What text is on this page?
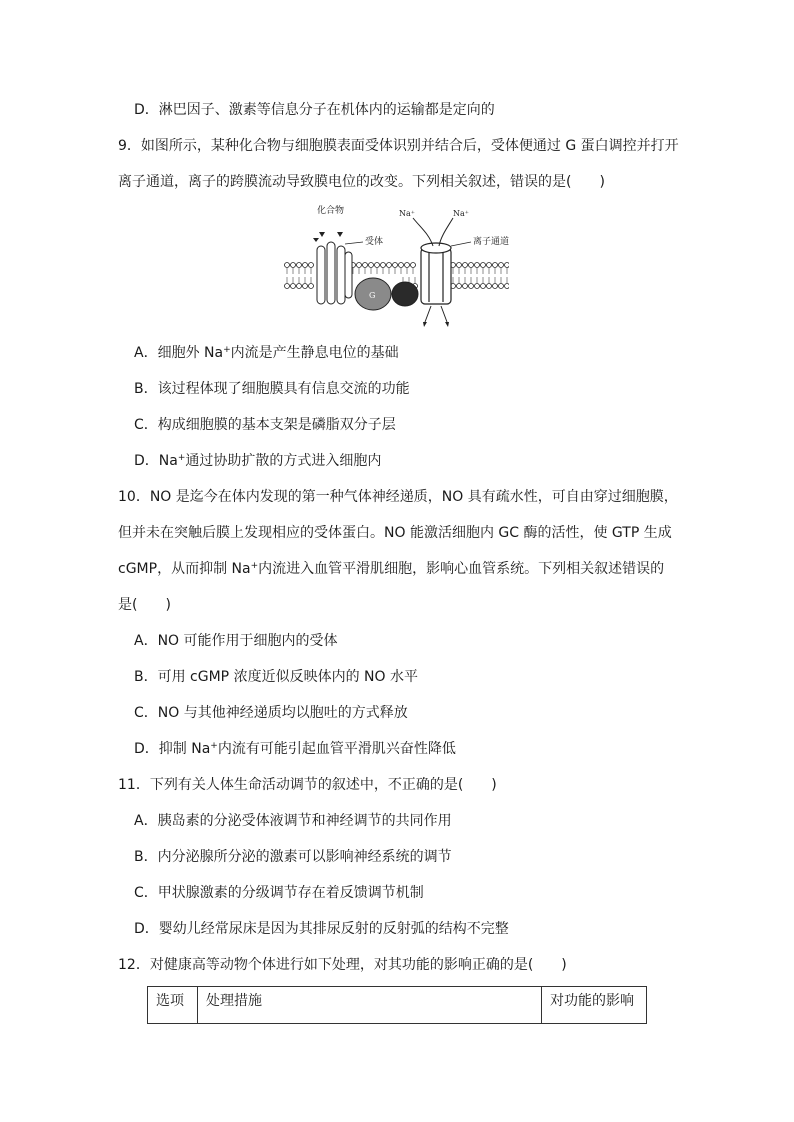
D．淋巴因子、激素等信息分子在机体内的运输都是定向的
9．如图所示，某种化合物与细胞膜表面受体识别并结合后，受体便通过 G 蛋白调控并打开
离子通道，离子的跨膜流动导致膜电位的改变。下列相关叙述，错误的是(　　)
化合物
受体
Na⁺	Na⁺
离子通道
G
A．细胞外 Na+内流是产生静息电位的基础
B．该过程体现了细胞膜具有信息交流的功能
C．构成细胞膜的基本支架是磷脂双分子层
D．Na+通过协助扩散的方式进入细胞内
10．NO 是迄今在体内发现的第一种气体神经递质，NO 具有疏水性，可自由穿过细胞膜，
但并未在突触后膜上发现相应的受体蛋白。NO 能激活细胞内 GC 酶的活性，使 GTP 生成
cGMP，从而抑制 Na+内流进入血管平滑肌细胞，影响心血管系统。下列相关叙述错误的
是(　　)
A．NO 可能作用于细胞内的受体
B．可用 cGMP 浓度近似反映体内的 NO 水平
C．NO 与其他神经递质均以胞吐的方式释放
D．抑制 Na+内流有可能引起血管平滑肌兴奋性降低
11．下列有关人体生命活动调节的叙述中，不正确的是(　　)
A．胰岛素的分泌受体液调节和神经调节的共同作用
B．内分泌腺所分泌的激素可以影响神经系统的调节
C．甲状腺激素的分级调节存在着反馈调节机制
D．婴幼儿经常尿床是因为其排尿反射的反射弧的结构不完整
12．对健康高等动物个体进行如下处理，对其功能的影响正确的是(　　)
选项	处理措施	对功能的影响
